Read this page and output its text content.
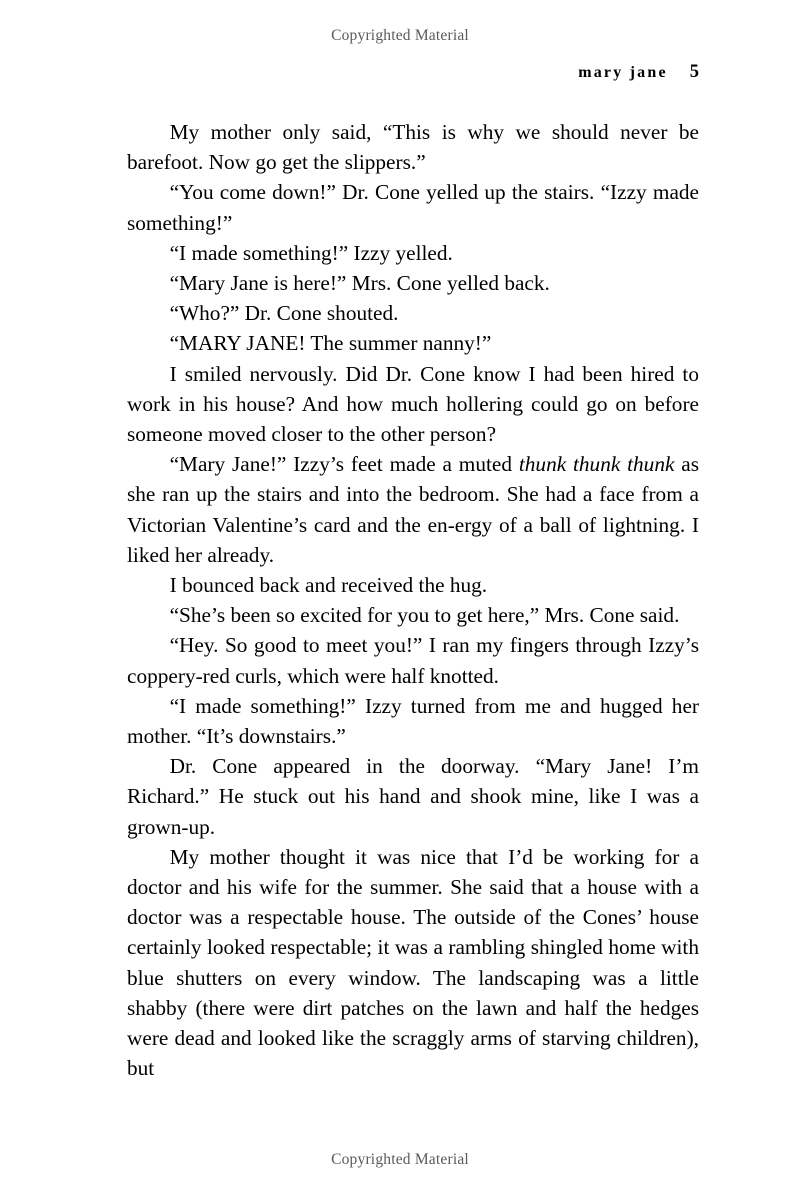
Copyrighted Material
mary jane 5

My mother only said, “This is why we should never be barefoot. Now go get the slippers.”

“You come down!” Dr. Cone yelled up the stairs. “Izzy made something!”

“I made something!” Izzy yelled.

“Mary Jane is here!” Mrs. Cone yelled back.

“Who?” Dr. Cone shouted.

“MARY JANE! The summer nanny!”

I smiled nervously. Did Dr. Cone know I had been hired to work in his house? And how much hollering could go on before someone moved closer to the other person?

“Mary Jane!” Izzy’s feet made a muted thunk thunk thunk as she ran up the stairs and into the bedroom. She had a face from a Victorian Valentine’s card and the en-ergy of a ball of lightning. I liked her already.

I bounced back and received the hug.

“She’s been so excited for you to get here,” Mrs. Cone said.

“Hey. So good to meet you!” I ran my fingers through Izzy’s coppery-red curls, which were half knotted.

“I made something!” Izzy turned from me and hugged her mother. “It’s downstairs.”

Dr. Cone appeared in the doorway. “Mary Jane! I’m Richard.” He stuck out his hand and shook mine, like I was a grown-up.

My mother thought it was nice that I’d be working for a doctor and his wife for the summer. She said that a house with a doctor was a respectable house. The outside of the Cones’ house certainly looked respectable; it was a rambling shingled home with blue shutters on every window. The landscaping was a little shabby (there were dirt patches on the lawn and half the hedges were dead and looked like the scraggly arms of starving children), but

Copyrighted Material
